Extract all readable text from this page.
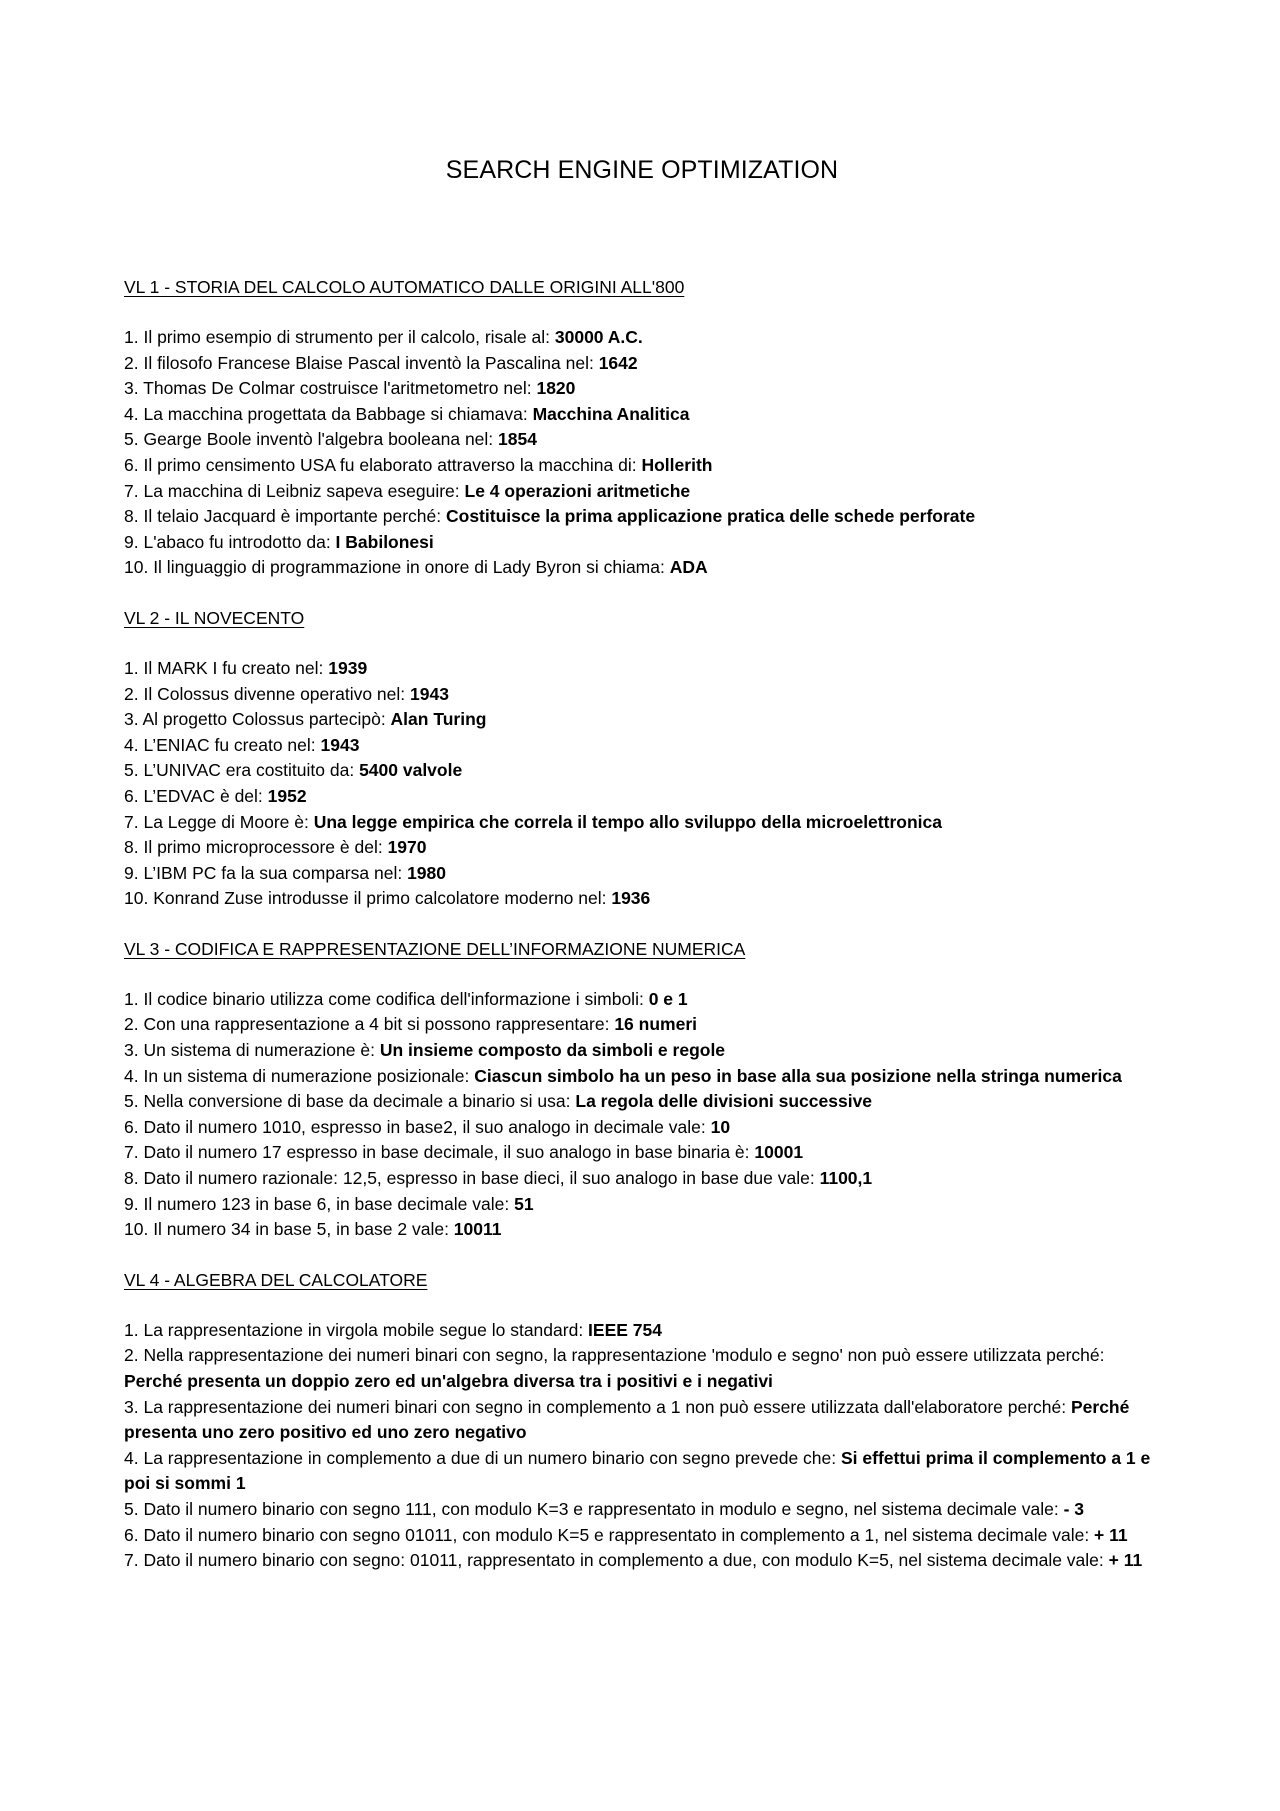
SEARCH ENGINE OPTIMIZATION
VL 1 - STORIA DEL CALCOLO AUTOMATICO DALLE ORIGINI ALL'800
1. Il primo esempio di strumento per il calcolo, risale al: 30000 A.C.
2. Il filosofo Francese Blaise Pascal inventò la Pascalina nel: 1642
3. Thomas De Colmar costruisce l'aritmetometro nel: 1820
4. La macchina progettata da Babbage si chiamava: Macchina Analitica
5. Gearge Boole inventò l'algebra booleana nel: 1854
6. Il primo censimento USA fu elaborato attraverso la macchina di: Hollerith
7. La macchina di Leibniz sapeva eseguire: Le 4 operazioni aritmetiche
8. Il telaio Jacquard è importante perché: Costituisce la prima applicazione pratica delle schede perforate
9. L'abaco fu introdotto da: I Babilonesi
10. Il linguaggio di programmazione in onore di Lady Byron si chiama: ADA
VL 2 - IL NOVECENTO
1. Il MARK I fu creato nel: 1939
2. Il Colossus divenne operativo nel: 1943
3. Al progetto Colossus partecipò: Alan Turing
4. L’ENIAC fu creato nel: 1943
5. L’UNIVAC era costituito da: 5400 valvole
6. L’EDVAC è del: 1952
7. La Legge di Moore è: Una legge empirica che correla il tempo allo sviluppo della microelettronica
8. Il primo microprocessore è del: 1970
9. L’IBM PC fa la sua comparsa nel: 1980
10. Konrand Zuse introdusse il primo calcolatore moderno nel: 1936
VL 3 - CODIFICA E RAPPRESENTAZIONE DELL’INFORMAZIONE NUMERICA
1. Il codice binario utilizza come codifica dell'informazione i simboli: 0 e 1
2. Con una rappresentazione a 4 bit si possono rappresentare: 16 numeri
3. Un sistema di numerazione è: Un insieme composto da simboli e regole
4. In un sistema di numerazione posizionale: Ciascun simbolo ha un peso in base alla sua posizione nella stringa numerica
5. Nella conversione di base da decimale a binario si usa: La regola delle divisioni successive
6. Dato il numero 1010, espresso in base2, il suo analogo in decimale vale: 10
7. Dato il numero 17 espresso in base decimale, il suo analogo in base binaria è: 10001
8. Dato il numero razionale: 12,5, espresso in base dieci, il suo analogo in base due vale: 1100,1
9. Il numero 123 in base 6, in base decimale vale: 51
10. Il numero 34 in base 5, in base 2 vale: 10011
VL 4 - ALGEBRA DEL CALCOLATORE
1. La rappresentazione in virgola mobile segue lo standard: IEEE 754
2. Nella rappresentazione dei numeri binari con segno, la rappresentazione 'modulo e segno' non può essere utilizzata perché: Perché presenta un doppio zero ed un'algebra diversa tra i positivi e i negativi
3. La rappresentazione dei numeri binari con segno in complemento a 1 non può essere utilizzata dall'elaboratore perché: Perché presenta uno zero positivo ed uno zero negativo
4. La rappresentazione in complemento a due di un numero binario con segno prevede che: Si effettui prima il complemento a 1 e poi si sommi 1
5. Dato il numero binario con segno 111, con modulo K=3 e rappresentato in modulo e segno, nel sistema decimale vale: - 3
6. Dato il numero binario con segno 01011, con modulo K=5 e rappresentato in complemento a 1, nel sistema decimale vale: + 11
7. Dato il numero binario con segno: 01011, rappresentato in complemento a due, con modulo K=5, nel sistema decimale vale: + 11
